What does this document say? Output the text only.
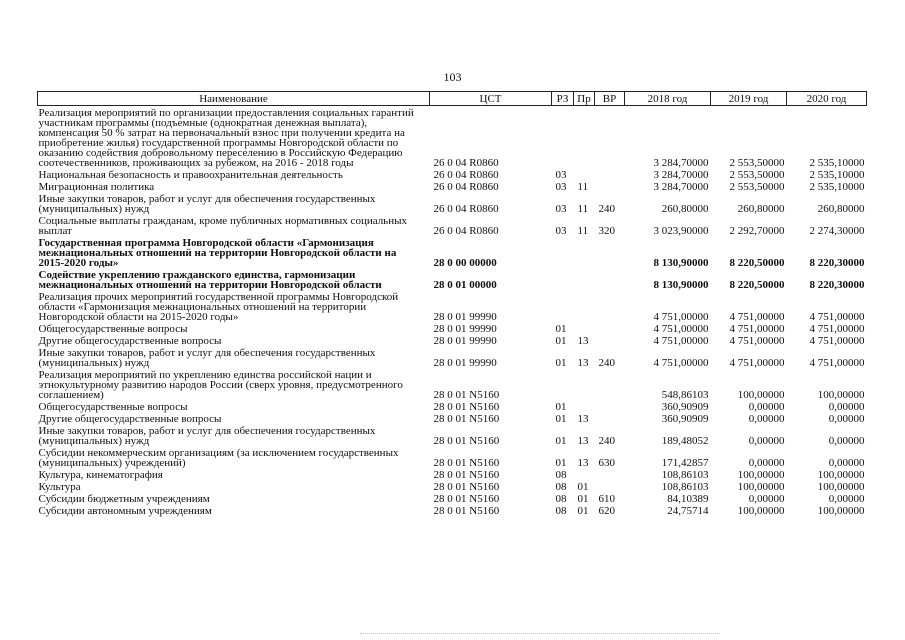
103
Наименование	ЦСТ	РЗ	Пр	ВР	2018 год	2019 год	2020 год
Реализация мероприятий по организации предоставления социальных гарантий участникам программы (подъемные (однократная денежная выплата), компенсация 50 % затрат на первоначальный взнос при получении кредита на приобретение жилья) государственной программы Новгородской области по оказанию содействия добровольному переселению в Российскую Федерацию соотечественников, проживающих за рубежом, на 2016 - 2018 годы	26 0 04 R0860				3 284,70000	2 553,50000	2 535,10000
Национальная безопасность и правоохранительная деятельность	26 0 04 R0860	03			3 284,70000	2 553,50000	2 535,10000
Миграционная политика	26 0 04 R0860	03	11		3 284,70000	2 553,50000	2 535,10000
Иные закупки товаров, работ и услуг для обеспечения государственных (муниципальных) нужд	26 0 04 R0860	03	11	240	260,80000	260,80000	260,80000
Социальные выплаты гражданам, кроме публичных нормативных социальных выплат	26 0 04 R0860	03	11	320	3 023,90000	2 292,70000	2 274,30000
Государственная программа Новгородской области «Гармонизация межнациональных отношений на территории Новгородской области на 2015-2020 годы»	28 0 00 00000				8 130,90000	8 220,50000	8 220,30000
Содействие укреплению гражданского единства, гармонизации межнациональных отношений на территории Новгородской области	28 0 01 00000				8 130,90000	8 220,50000	8 220,30000
Реализация прочих мероприятий государственной программы Новгородской области «Гармонизация межнациональных отношений на территории Новгородской области на 2015-2020 годы»	28 0 01 99990				4 751,00000	4 751,00000	4 751,00000
Общегосударственные вопросы	28 0 01 99990	01			4 751,00000	4 751,00000	4 751,00000
Другие общегосударственные вопросы	28 0 01 99990	01	13		4 751,00000	4 751,00000	4 751,00000
Иные закупки товаров, работ и услуг для обеспечения государственных (муниципальных) нужд	28 0 01 99990	01	13	240	4 751,00000	4 751,00000	4 751,00000
Реализация мероприятий по укреплению единства российской нации и этнокультурному развитию народов России (сверх уровня, предусмотренного соглашением)	28 0 01 N5160				548,86103	100,00000	100,00000
Общегосударственные вопросы	28 0 01 N5160	01			360,90909	0,00000	0,00000
Другие общегосударственные вопросы	28 0 01 N5160	01	13		360,90909	0,00000	0,00000
Иные закупки товаров, работ и услуг для обеспечения государственных (муниципальных) нужд	28 0 01 N5160	01	13	240	189,48052	0,00000	0,00000
Субсидии некоммерческим организациям (за исключением государственных (муниципальных) учреждений)	28 0 01 N5160	01	13	630	171,42857	0,00000	0,00000
Культура, кинематография	28 0 01 N5160	08			108,86103	100,00000	100,00000
Культура	28 0 01 N5160	08	01		108,86103	100,00000	100,00000
Субсидии бюджетным учреждениям	28 0 01 N5160	08	01	610	84,10389	0,00000	0,00000
Субсидии автономным учреждениям	28 0 01 N5160	08	01	620	24,75714	100,00000	100,00000
